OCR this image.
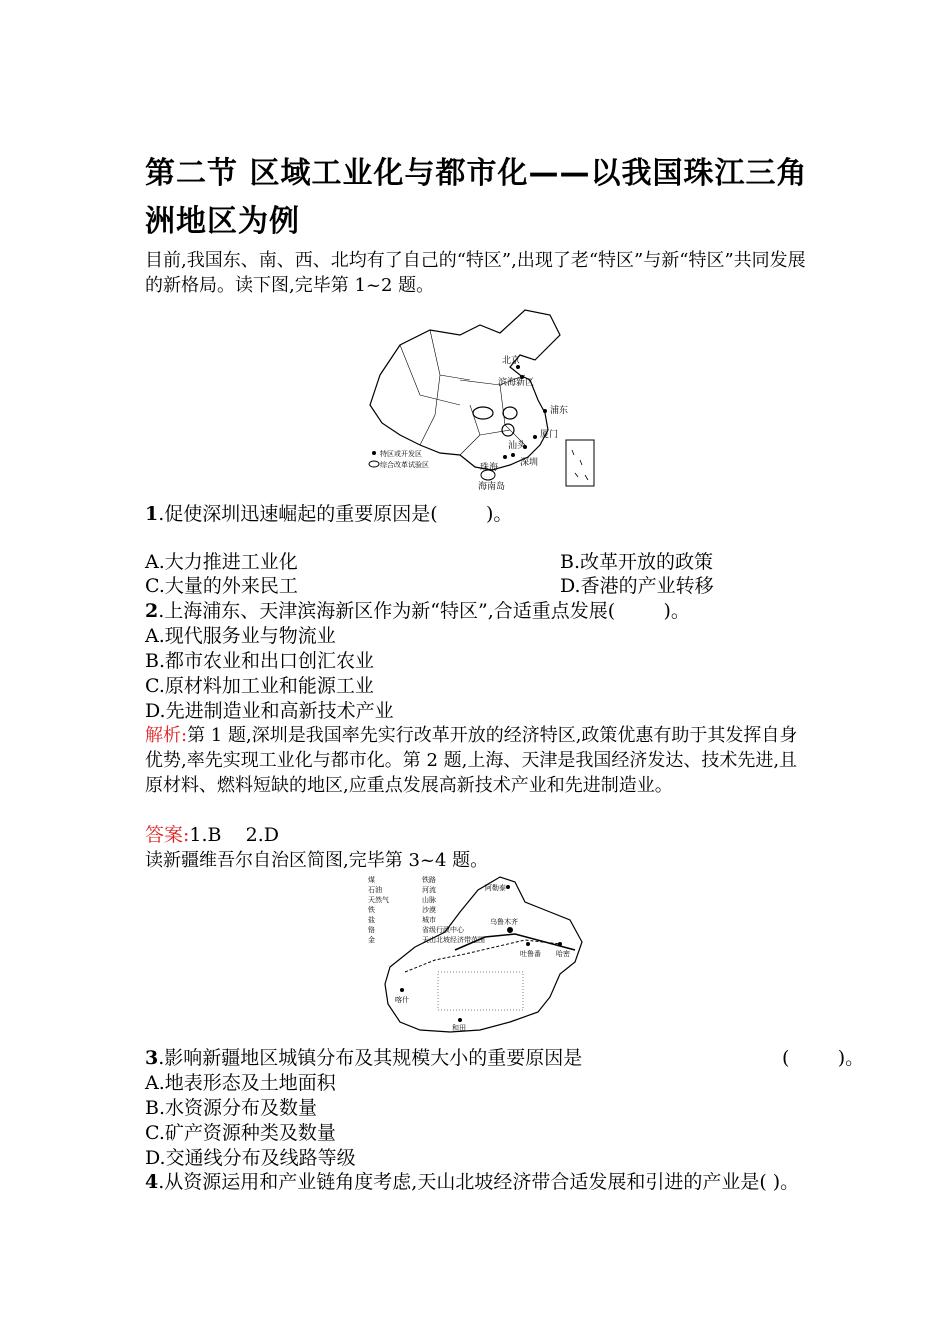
第二节 区域工业化与都市化——以我国珠江三角洲地区为例
目前,我国东、南、西、北均有了自己的“特区”,出现了老“特区”与新“特区”共同发展的新格局。读下图,完毕第 1~2 题。
北京
滨海新区
浦东
厦门
汕头
珠海 深圳
海南岛
特区或开发区
综合改革试验区
1.促使深圳迅速崛起的重要原因是(        )。
A.大力推进工业化	B.改革开放的政策
C.大量的外来民工	D.香港的产业转移
2.上海浦东、天津滨海新区作为新“特区”,合适重点发展(        )。
A.现代服务业与物流业
B.都市农业和出口创汇农业
C.原材料加工业和能源工业
D.先进制造业和高新技术产业
解析:第 1 题,深圳是我国率先实行改革开放的经济特区,政策优惠有助于其发挥自身优势,率先实现工业化与都市化。第 2 题,上海、天津是我国经济发达、技术先进,且原材料、燃料短缺的地区,应重点发展高新技术产业和先进制造业。
答案:1.B    2.D
读新疆维吾尔自治区简图,完毕第 3~4 题。
阿勒泰
乌鲁木齐
哈密
喀什
和田
吐鲁番
煤
石油
天然气
铁
盐
铬
金
铁路
河流
山脉
沙漠
城市
省级行政中心
天山北坡经济带范围
3.影响新疆地区城镇分布及其规模大小的重要原因是	(        )。
A.地表形态及土地面积
B.水资源分布及数量
C.矿产资源种类及数量
D.交通线分布及线路等级
4.从资源运用和产业链角度考虑,天山北坡经济带合适发展和引进的产业是( )。
